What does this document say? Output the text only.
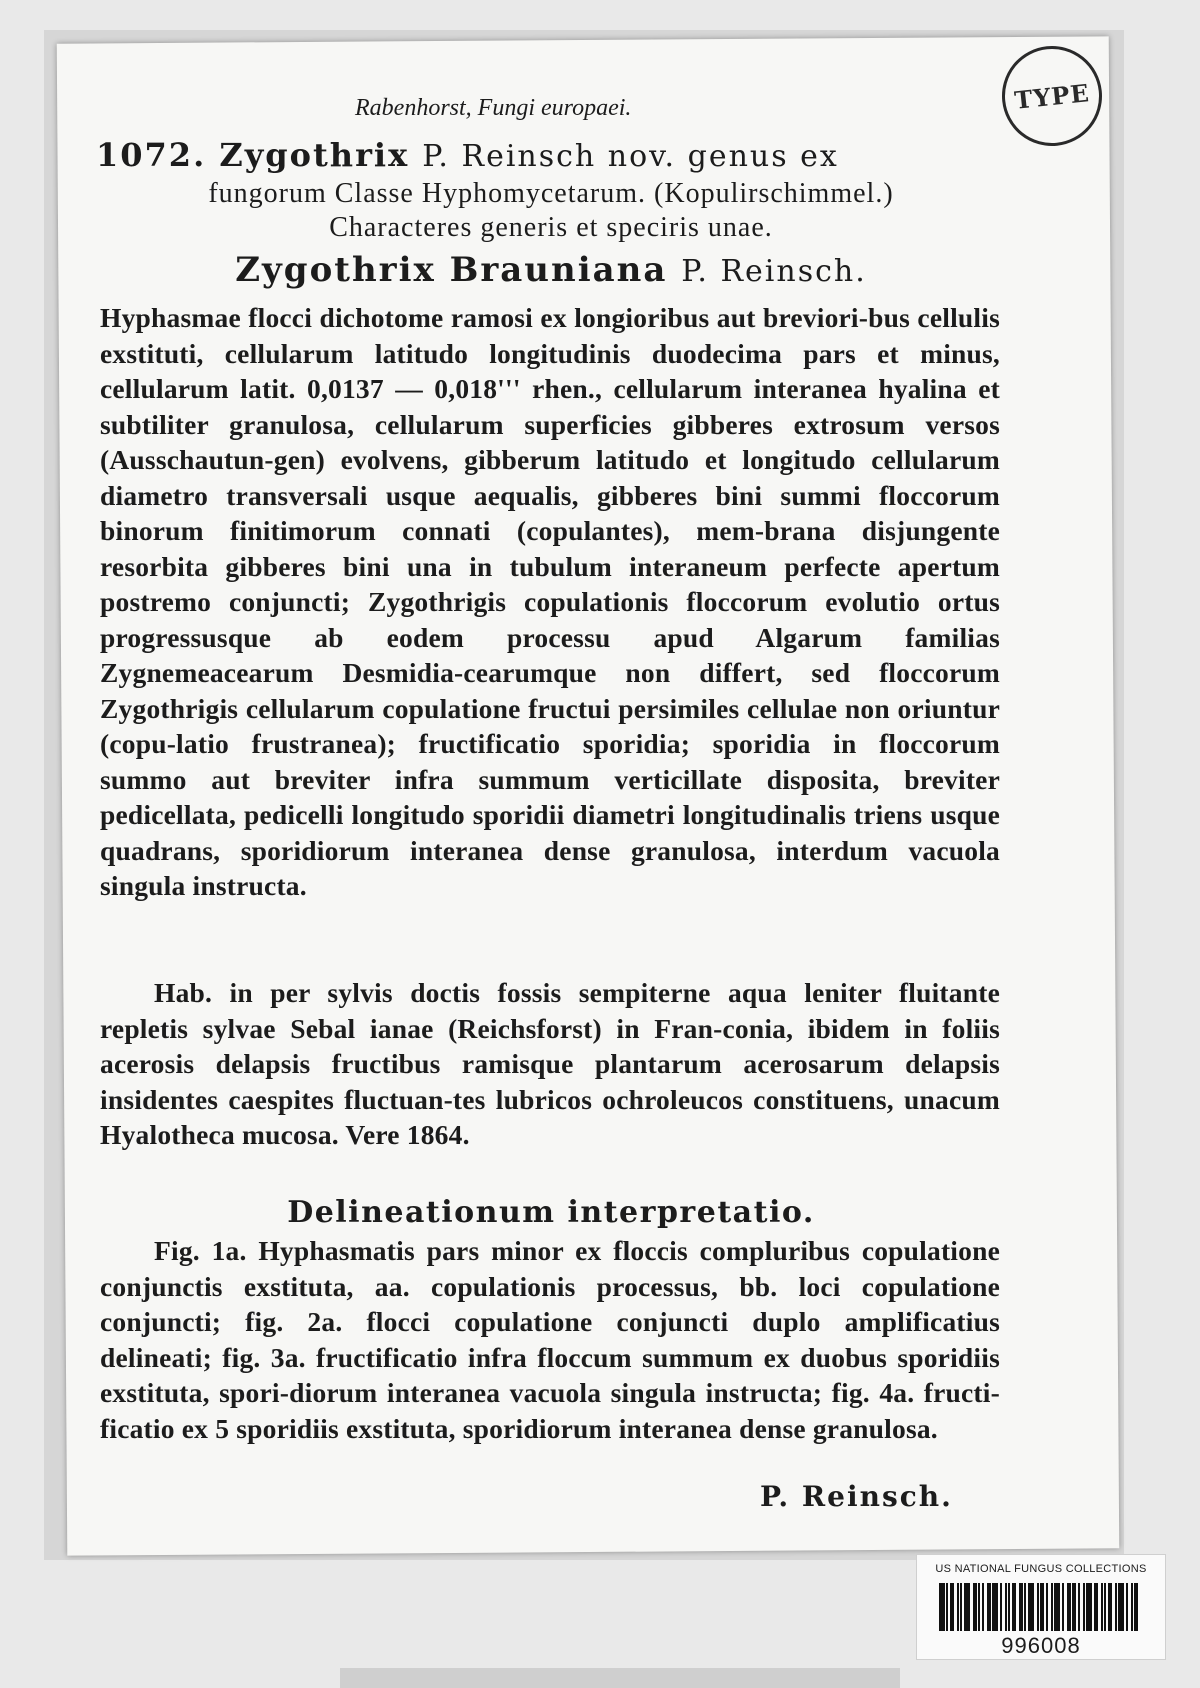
TYPE
Rabenhorst, Fungi europaei.
1072. Zygothrix P. Reinsch nov. genus ex
fungorum Classe Hyphomycetarum. (Kopulirschimmel.)
Characteres generis et speciris unae.
Zygothrix Brauniana P. Reinsch.
Hyphasmae flocci dichotome ramosi ex longioribus aut breviori-bus cellulis exstituti, cellularum latitudo longitudinis duodecima pars et minus, cellularum latit. 0,0137 — 0,018''' rhen., cellularum interanea hyalina et subtiliter granulosa, cellularum superficies gibberes extrosum versos (Ausschautun-gen) evolvens, gibberum latitudo et longitudo cellularum diametro transversali usque aequalis, gibberes bini summi floccorum binorum finitimorum connati (copulantes), mem-brana disjungente resorbita gibberes bini una in tubulum interaneum perfecte apertum postremo conjuncti; Zygothrigis copulationis floccorum evolutio ortus progressusque ab eodem processu apud Algarum familias Zygnemeacearum Desmidia-cearumque non differt, sed floccorum Zygothrigis cellularum copulatione fructui persimiles cellulae non oriuntur (copu-latio frustranea); fructificatio sporidia; sporidia in floccorum summo aut breviter infra summum verticillate disposita, breviter pedicellata, pedicelli longitudo sporidii diametri longitudinalis triens usque quadrans, sporidiorum interanea dense granulosa, interdum vacuola singula instructa.
Hab. in per sylvis doctis fossis sempiterne aqua leniter fluitante repletis sylvae Sebal ianae (Reichsforst) in Fran-conia, ibidem in foliis acerosis delapsis fructibus ramisque plantarum acerosarum delapsis insidentes caespites fluctuan-tes lubricos ochroleucos constituens, unacum Hyalotheca mucosa. Vere 1864.
Delineationum interpretatio.
Fig. 1a. Hyphasmatis pars minor ex floccis compluribus copulatione conjunctis exstituta, aa. copulationis processus, bb. loci copulatione conjuncti; fig. 2a. flocci copulatione conjuncti duplo amplificatius delineati; fig. 3a. fructificatio infra floccum summum ex duobus sporidiis exstituta, spori-diorum interanea vacuola singula instructa; fig. 4a. fructi-ficatio ex 5 sporidiis exstituta, sporidiorum interanea dense granulosa.
P. Reinsch.
US NATIONAL FUNGUS COLLECTIONS
996008
